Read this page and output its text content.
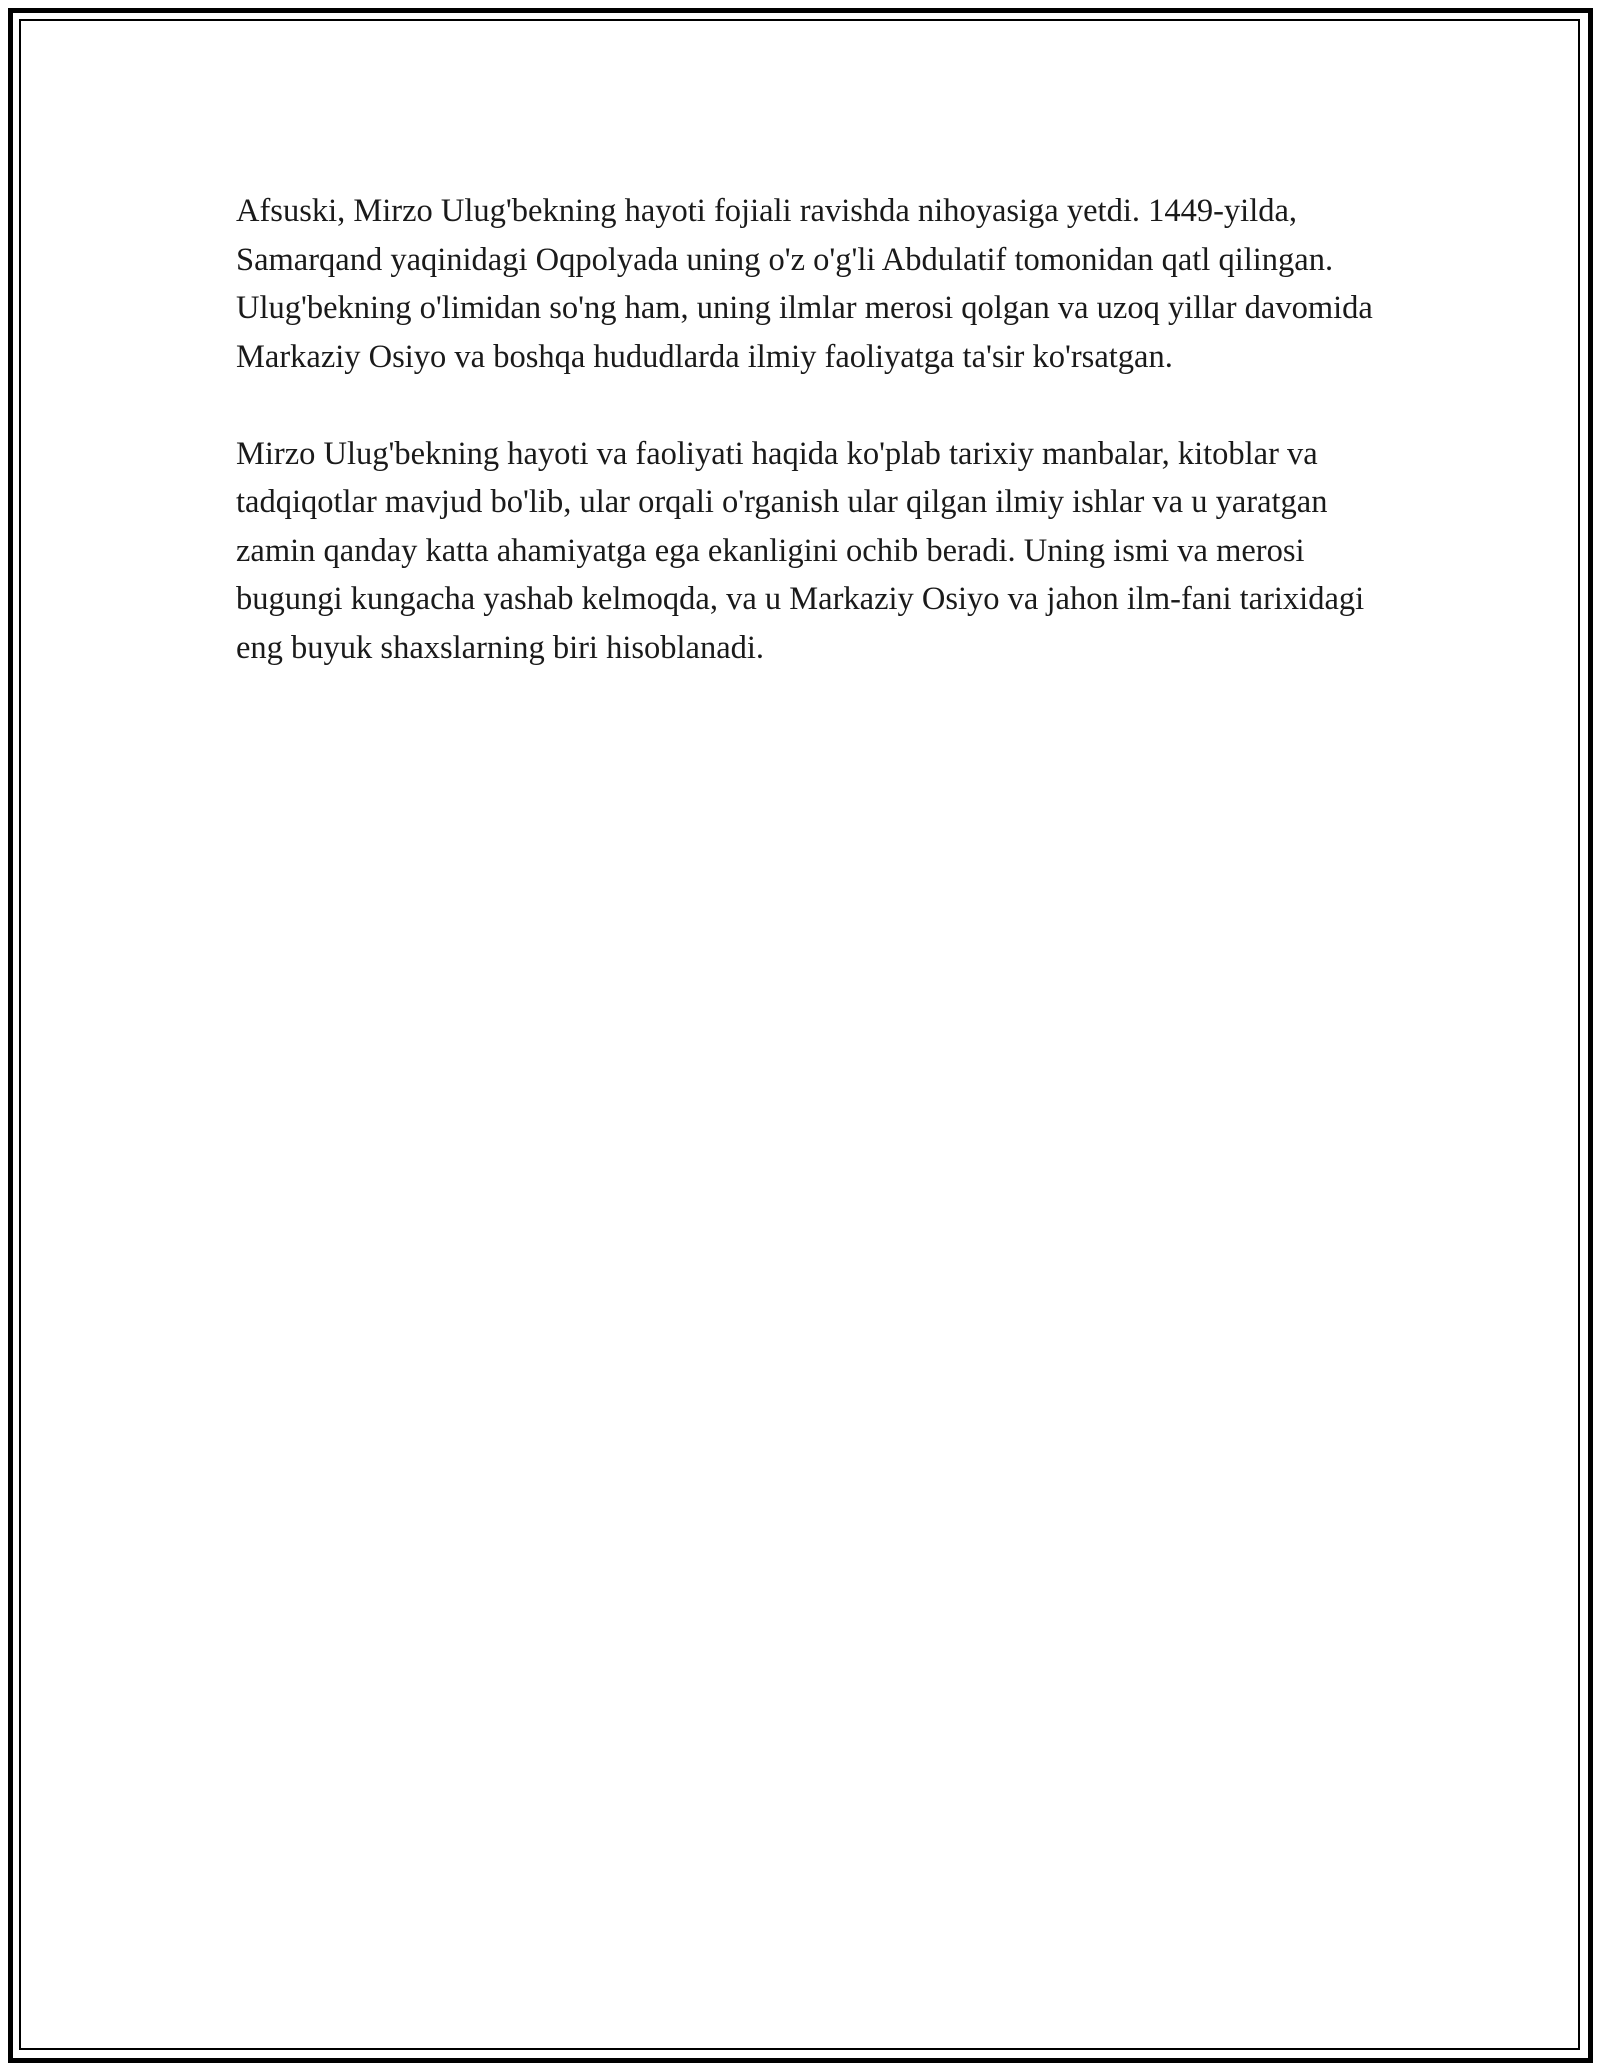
Afsuski, Mirzo Ulug'bekning hayoti fojiali ravishda nihoyasiga yetdi. 1449-yilda, Samarqand yaqinidagi Oqpolyada uning o'z o'g'li Abdulatif tomonidan qatl qilingan. Ulug'bekning o'limidan so'ng ham, uning ilmlar merosi qolgan va uzoq yillar davomida Markaziy Osiyo va boshqa hududlarda ilmiy faoliyatga ta'sir ko'rsatgan.

Mirzo Ulug'bekning hayoti va faoliyati haqida ko'plab tarixiy manbalar, kitoblar va tadqiqotlar mavjud bo'lib, ular orqali o'rganish ular qilgan ilmiy ishlar va u yaratgan zamin qanday katta ahamiyatga ega ekanligini ochib beradi. Uning ismi va merosi bugungi kungacha yashab kelmoqda, va u Markaziy Osiyo va jahon ilm-fani tarixidagi eng buyuk shaxslarning biri hisoblanadi.
